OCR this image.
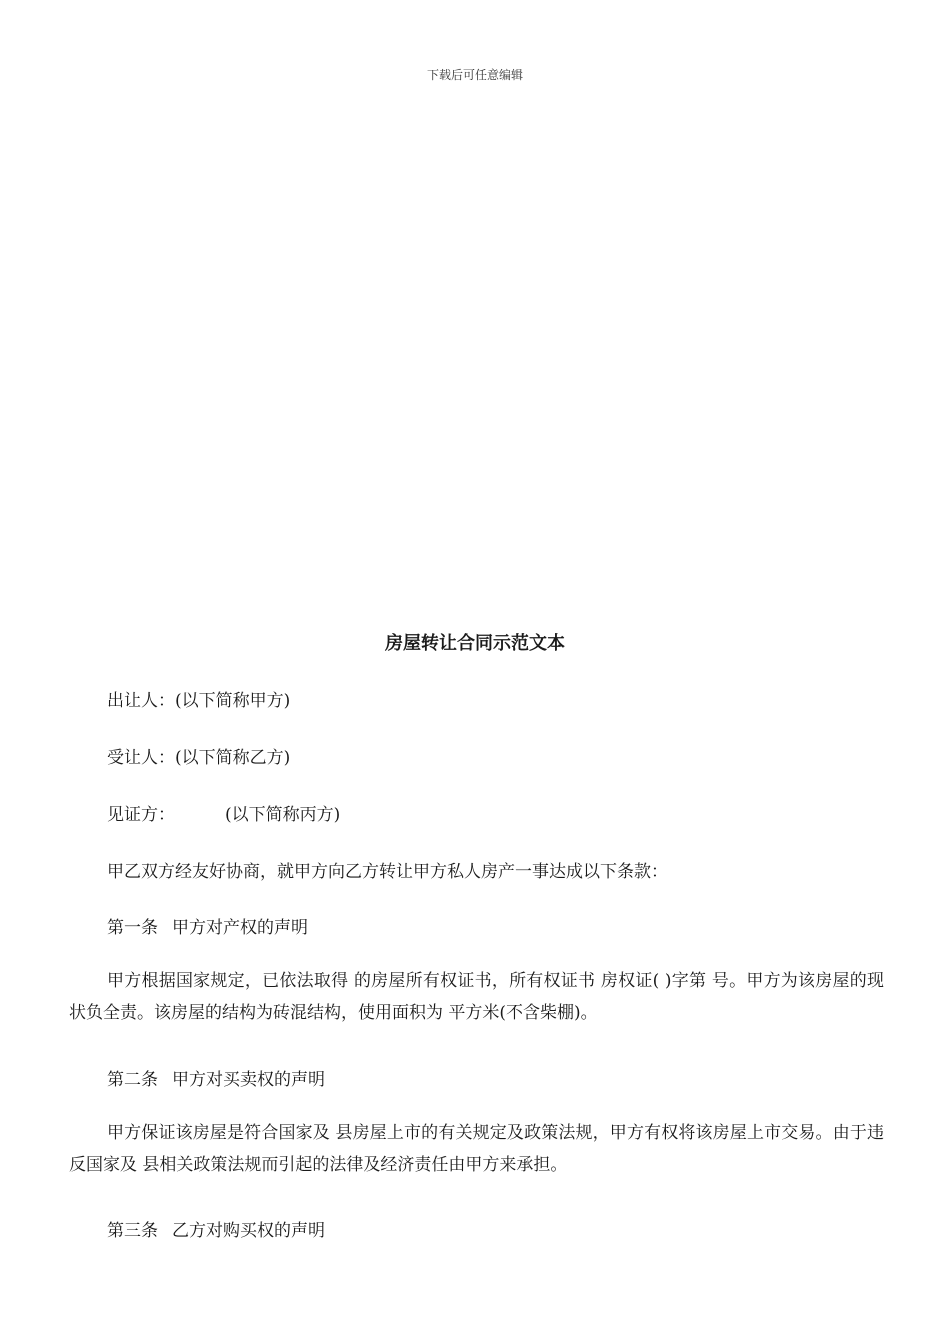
下载后可任意编辑
房屋转让合同示范文本

出让人：(以下简称甲方)

受让人：(以下简称乙方)

见证方：	(以下简称丙方)

甲乙双方经友好协商，就甲方向乙方转让甲方私人房产一事达成以下条款：

第一条 甲方对产权的声明

甲方根据国家规定，已依法取得 的房屋所有权证书，所有权证书 房权证( )字第 号。甲方为该房屋的现状负全责。该房屋的结构为砖混结构，使用面积为 平方米(不含柴棚)。

第二条 甲方对买卖权的声明

甲方保证该房屋是符合国家及 县房屋上市的有关规定及政策法规，甲方有权将该房屋上市交易。由于违反国家及 县相关政策法规而引起的法律及经济责任由甲方来承担。

第三条 乙方对购买权的声明
